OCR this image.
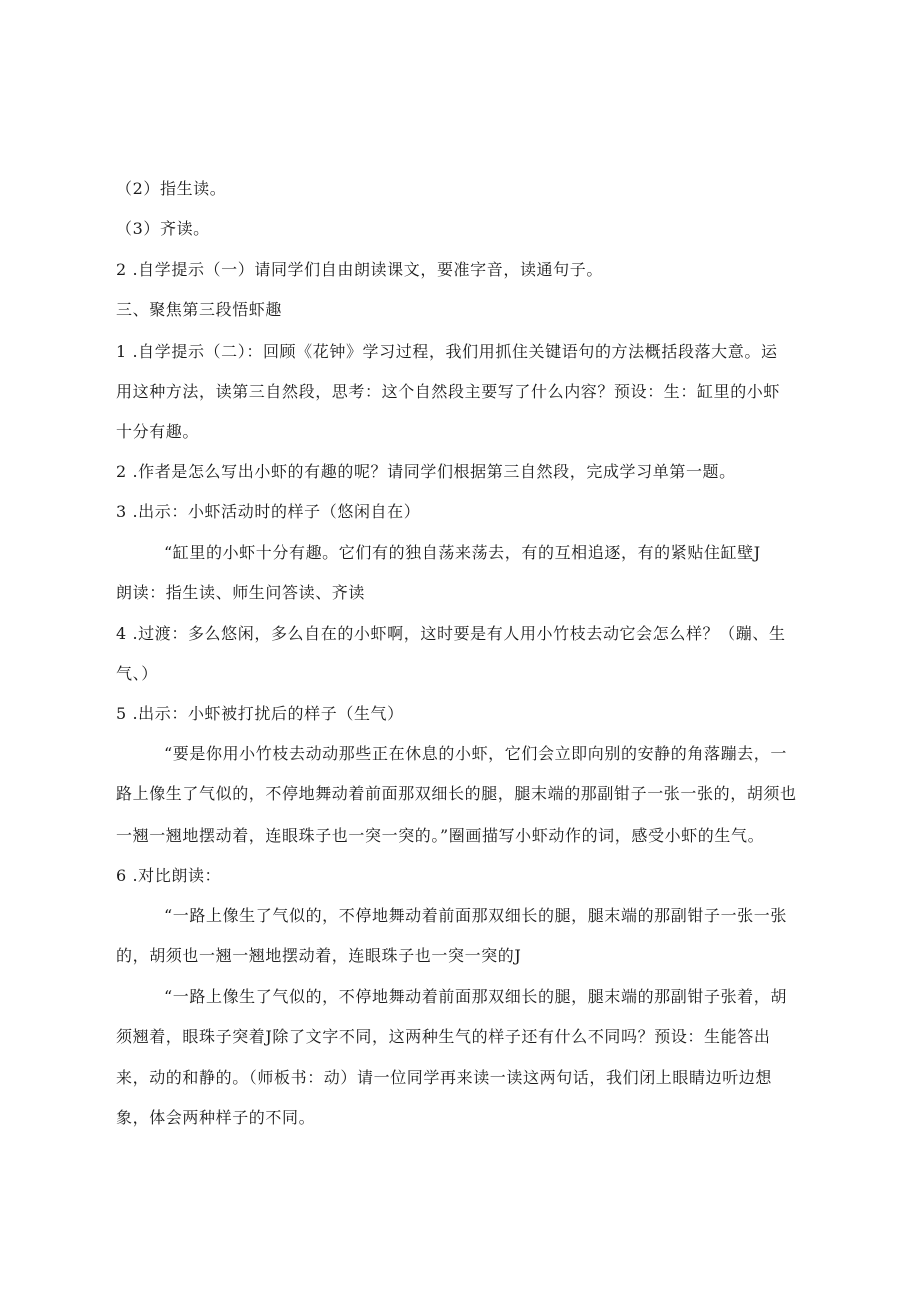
（2）指生读。
（3）齐读。
2 .自学提示（一）请同学们自由朗读课文，要准字音，读通句子。
三、聚焦第三段悟虾趣
1 .自学提示（二）：回顾《花钟》学习过程，我们用抓住关键语句的方法概括段落大意。运
用这种方法，读第三自然段，思考：这个自然段主要写了什么内容？预设：生：缸里的小虾
十分有趣。
2 .作者是怎么写出小虾的有趣的呢？请同学们根据第三自然段，完成学习单第一题。
3 .出示：小虾活动时的样子（悠闲自在）
“缸里的小虾十分有趣。它们有的独自荡来荡去，有的互相追逐，有的紧贴住缸壁J
朗读：指生读、师生问答读、齐读
4 .过渡：多么悠闲，多么自在的小虾啊，这时要是有人用小竹枝去动它会怎么样？（蹦、生
气、）
5 .出示：小虾被打扰后的样子（生气）
“要是你用小竹枝去动动那些正在休息的小虾，它们会立即向别的安静的角落蹦去，一
路上像生了气似的，不停地舞动着前面那双细长的腿，腿末端的那副钳子一张一张的，胡须也
一翘一翘地摆动着，连眼珠子也一突一突的。”圈画描写小虾动作的词，感受小虾的生气。
6 .对比朗读：
“一路上像生了气似的，不停地舞动着前面那双细长的腿，腿末端的那副钳子一张一张
的，胡须也一翘一翘地摆动着，连眼珠子也一突一突的J
“一路上像生了气似的，不停地舞动着前面那双细长的腿，腿末端的那副钳子张着，胡
须翘着，眼珠子突着J除了文字不同，这两种生气的样子还有什么不同吗？预设：生能答出
来，动的和静的。（师板书：动）请一位同学再来读一读这两句话，我们闭上眼睛边听边想
象，体会两种样子的不同。
